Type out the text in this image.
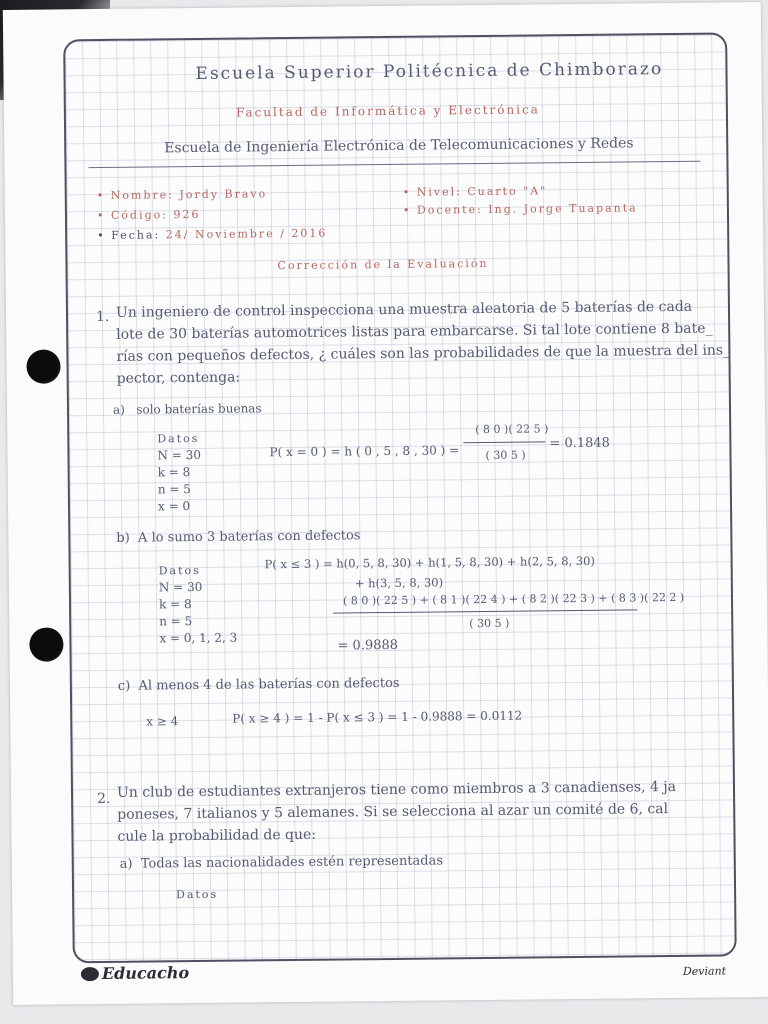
Escuela Superior Politécnica de Chimborazo
Facultad de Informática y Electrónica
Escuela de Ingeniería Electrónica de Telecomunicaciones y Redes
• Nombre: Jordy Bravo
• Código: 926
• Fecha: 24/ Noviembre / 2016
• Nivel: Cuarto "A"
• Docente: Ing. Jorge Tuapanta
Corrección de la Evaluación
1. Un ingeniero de control inspecciona una muestra aleatoria de 5 baterías de cada
lote de 30 baterías automotrices listas para embarcarse. Si tal lote contiene 8 bate_
rías con pequeños defectos, ¿ cuáles son las probabilidades de que la muestra del ins_
pector, contenga:
a) solo baterías buenas
Datos
N = 30
k = 8
n = 5
x = 0
P( x = 0 ) = h ( 0 , 5 , 8 , 30 ) =
( 8 0 )( 22 5 )
( 30 5 )
= 0.1848
b) A lo sumo 3 baterías con defectos
Datos
N = 30
k = 8
n = 5
x = 0, 1, 2, 3
P( x ≤ 3 ) = h(0, 5, 8, 30) + h(1, 5, 8, 30) + h(2, 5, 8, 30)
+ h(3, 5, 8, 30)
( 8 0 )( 22 5 ) + ( 8 1 )( 22 4 ) + ( 8 2 )( 22 3 ) + ( 8 3 )( 22 2 )
( 30 5 )
= 0.9888
c) Al menos 4 de las baterías con defectos
x ≥ 4	P( x ≥ 4 ) = 1 - P( x ≤ 3 ) = 1 - 0.9888 = 0.0112
2. Un club de estudiantes extranjeros tiene como miembros a 3 canadienses, 4 ja
poneses, 7 italianos y 5 alemanes. Si se selecciona al azar un comité de 6, cal
cule la probabilidad de que:
a) Todas las nacionalidades estén representadas
Datos
Educacho	Deviant
